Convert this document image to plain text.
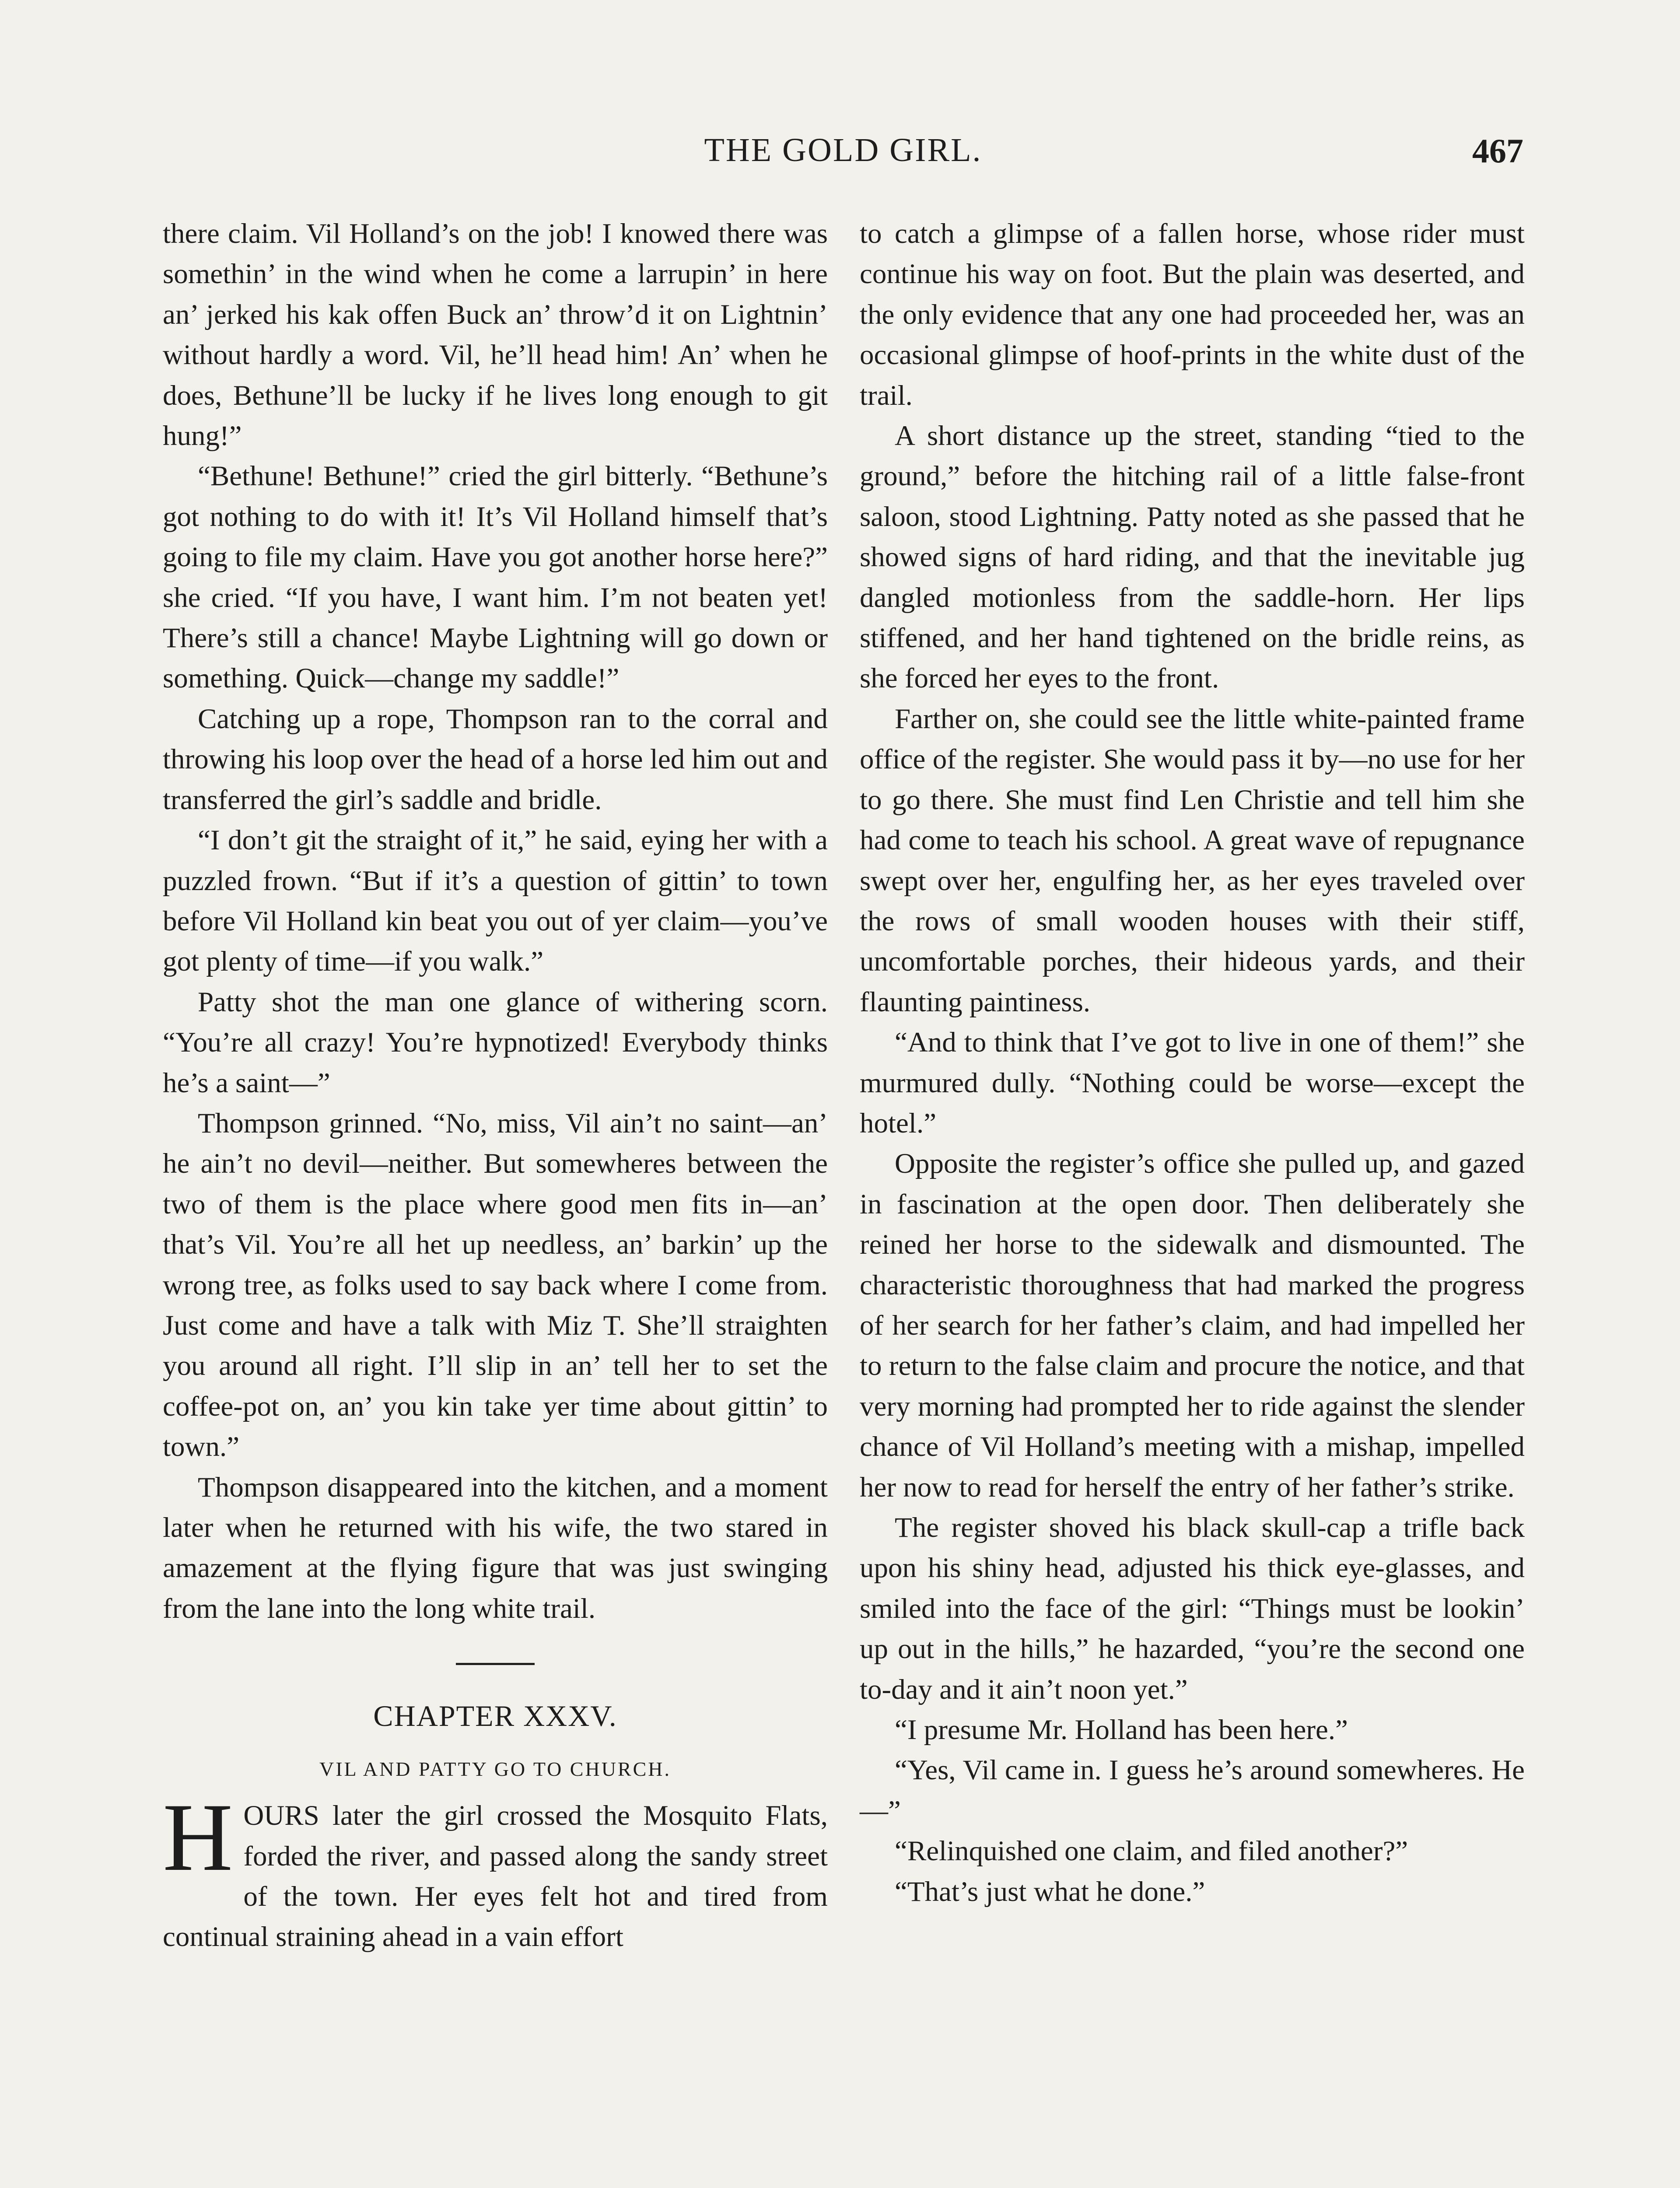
THE GOLD GIRL.	467

there claim. Vil Holland’s on the job! I knowed there was somethin’ in the wind when he come a larrupin’ in here an’ jerked his kak offen Buck an’ throw’d it on Lightnin’ without hardly a word. Vil, he’ll head him! An’ when he does, Bethune’ll be lucky if he lives long enough to git hung!”

“Bethune! Bethune!” cried the girl bitterly. “Bethune’s got nothing to do with it! It’s Vil Holland himself that’s going to file my claim. Have you got another horse here?” she cried. “If you have, I want him. I’m not beaten yet! There’s still a chance! Maybe Lightning will go down or something. Quick—change my saddle!”

Catching up a rope, Thompson ran to the corral and throwing his loop over the head of a horse led him out and transferred the girl’s saddle and bridle.

“I don’t git the straight of it,” he said, eying her with a puzzled frown. “But if it’s a question of gittin’ to town before Vil Holland kin beat you out of yer claim—you’ve got plenty of time—if you walk.”

Patty shot the man one glance of withering scorn. “You’re all crazy! You’re hypnotized! Everybody thinks he’s a saint—”

Thompson grinned. “No, miss, Vil ain’t no saint—an’ he ain’t no devil—neither. But somewheres between the two of them is the place where good men fits in—an’ that’s Vil. You’re all het up needless, an’ barkin’ up the wrong tree, as folks used to say back where I come from. Just come and have a talk with Miz T. She’ll straighten you around all right. I’ll slip in an’ tell her to set the coffee-pot on, an’ you kin take yer time about gittin’ to town.”

Thompson disappeared into the kitchen, and a moment later when he returned with his wife, the two stared in amazement at the flying figure that was just swinging from the lane into the long white trail.

CHAPTER XXXV.
VIL AND PATTY GO TO CHURCH.

HOURS later the girl crossed the Mosquito Flats, forded the river, and passed along the sandy street of the town. Her eyes felt hot and tired from continual straining ahead in a vain effort

to catch a glimpse of a fallen horse, whose rider must continue his way on foot. But the plain was deserted, and the only evidence that any one had proceeded her, was an occasional glimpse of hoof-prints in the white dust of the trail.

A short distance up the street, standing “tied to the ground,” before the hitching rail of a little false-front saloon, stood Lightning. Patty noted as she passed that he showed signs of hard riding, and that the inevitable jug dangled motionless from the saddle-horn. Her lips stiffened, and her hand tightened on the bridle reins, as she forced her eyes to the front.

Farther on, she could see the little white-painted frame office of the register. She would pass it by—no use for her to go there. She must find Len Christie and tell him she had come to teach his school. A great wave of repugnance swept over her, engulfing her, as her eyes traveled over the rows of small wooden houses with their stiff, uncomfortable porches, their hideous yards, and their flaunting paintiness.

“And to think that I’ve got to live in one of them!” she murmured dully. “Nothing could be worse—except the hotel.”

Opposite the register’s office she pulled up, and gazed in fascination at the open door. Then deliberately she reined her horse to the sidewalk and dismounted. The characteristic thoroughness that had marked the progress of her search for her father’s claim, and had impelled her to return to the false claim and procure the notice, and that very morning had prompted her to ride against the slender chance of Vil Holland’s meeting with a mishap, impelled her now to read for herself the entry of her father’s strike.

The register shoved his black skull-cap a trifle back upon his shiny head, adjusted his thick eye-glasses, and smiled into the face of the girl: “Things must be lookin’ up out in the hills,” he hazarded, “you’re the second one to-day and it ain’t noon yet.”

“I presume Mr. Holland has been here.”

“Yes, Vil came in. I guess he’s around somewheres. He—”

“Relinquished one claim, and filed another?”

“That’s just what he done.”
